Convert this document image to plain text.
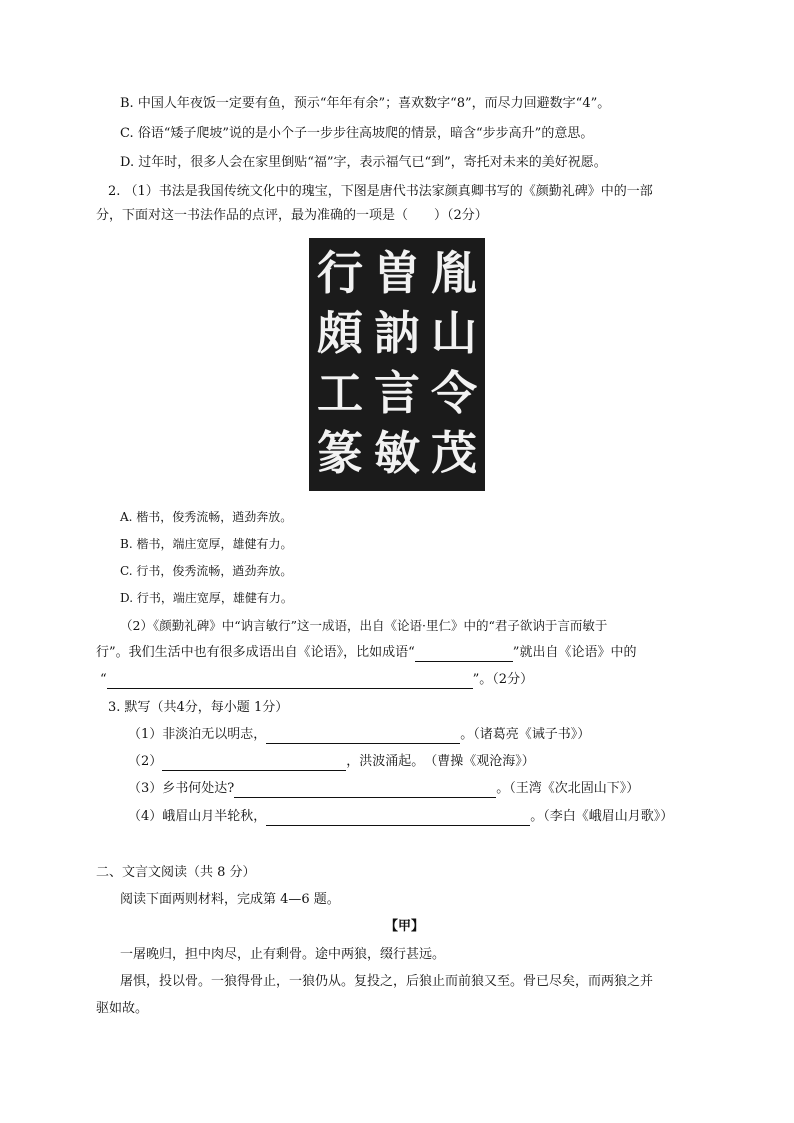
B. 中国人年夜饭一定要有鱼，预示“年年有余”；喜欢数字“8”，而尽力回避数字“4”。
C. 俗语“矮子爬坡”说的是小个子一步步往高坡爬的情景，暗含“步步高升”的意思。
D. 过年时，很多人会在家里倒贴“福”字，表示福气已“到”，寄托对未来的美好祝愿。
2. （1）书法是我国传统文化中的瑰宝，下图是唐代书法家颜真卿书写的《颜勤礼碑》中的一部
分，下面对这一书法作品的点评，最为准确的一项是（　　）（2分）
胤
山
令
茂
曽
訥
言
敏
行
頗
工
篆
A. 楷书，俊秀流畅，遒劲奔放。
B. 楷书，端庄宽厚，雄健有力。
C. 行书，俊秀流畅，遒劲奔放。
D. 行书，端庄宽厚，雄健有力。
（2）《颜勤礼碑》中“讷言敏行”这一成语，出自《论语·里仁》中的“君子欲讷于言而敏于
行”。我们生活中也有很多成语出自《论语》，比如成语“	”就出自《论语》中的
“	”。（2分）
3. 默写（共4分，每小题 1分）
（1）非淡泊无以明志，	。（诸葛亮《诫子书》）
（2）	，洪波涌起。　（曹操《观沧海》）
（3）乡书何处达?	。（王湾《次北固山下》）
（4）峨眉山月半轮秋，	。（李白《峨眉山月歌》）
二、文言文阅读（共 8 分）
阅读下面两则材料，完成第 4—6 题。
【甲】
一屠晚归，担中肉尽，止有剩骨。途中两狼，缀行甚远。
屠惧，投以骨。一狼得骨止，一狼仍从。复投之，后狼止而前狼又至。骨已尽矣，而两狼之并
驱如故。
